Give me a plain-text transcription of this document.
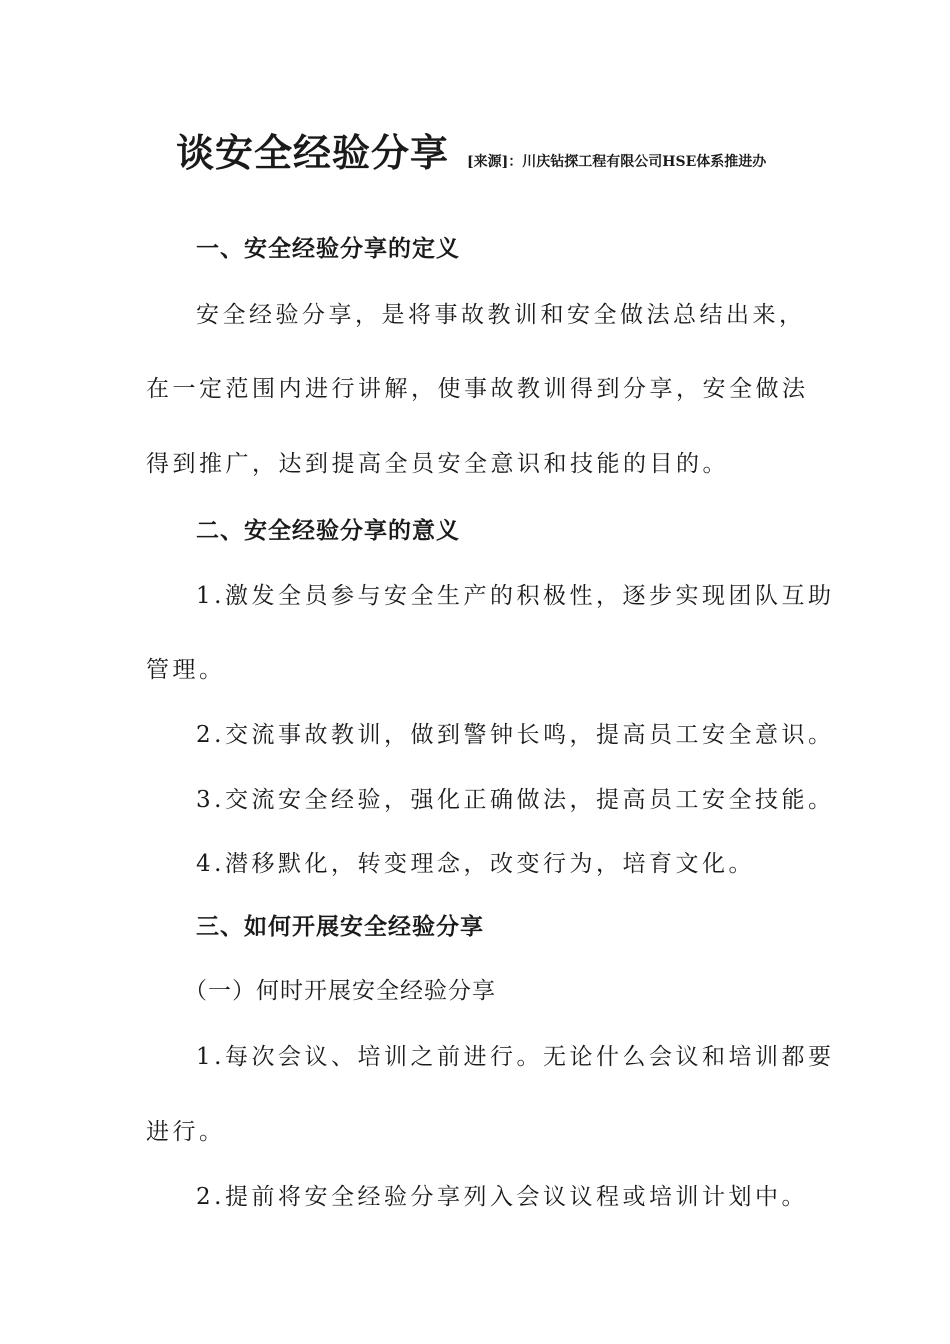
谈安全经验分享 [来源]：川庆钻探工程有限公司HSE体系推进办
一、安全经验分享的定义
安全经验分享，是将事故教训和安全做法总结出来，
在一定范围内进行讲解，使事故教训得到分享，安全做法
得到推广，达到提高全员安全意识和技能的目的。
二、安全经验分享的意义
1.激发全员参与安全生产的积极性，逐步实现团队互助
管理。
2.交流事故教训，做到警钟长鸣，提高员工安全意识。
3.交流安全经验，强化正确做法，提高员工安全技能。
4.潜移默化，转变理念，改变行为，培育文化。
三、如何开展安全经验分享
（一）何时开展安全经验分享
1.每次会议、培训之前进行。无论什么会议和培训都要
进行。
2.提前将安全经验分享列入会议议程或培训计划中。
